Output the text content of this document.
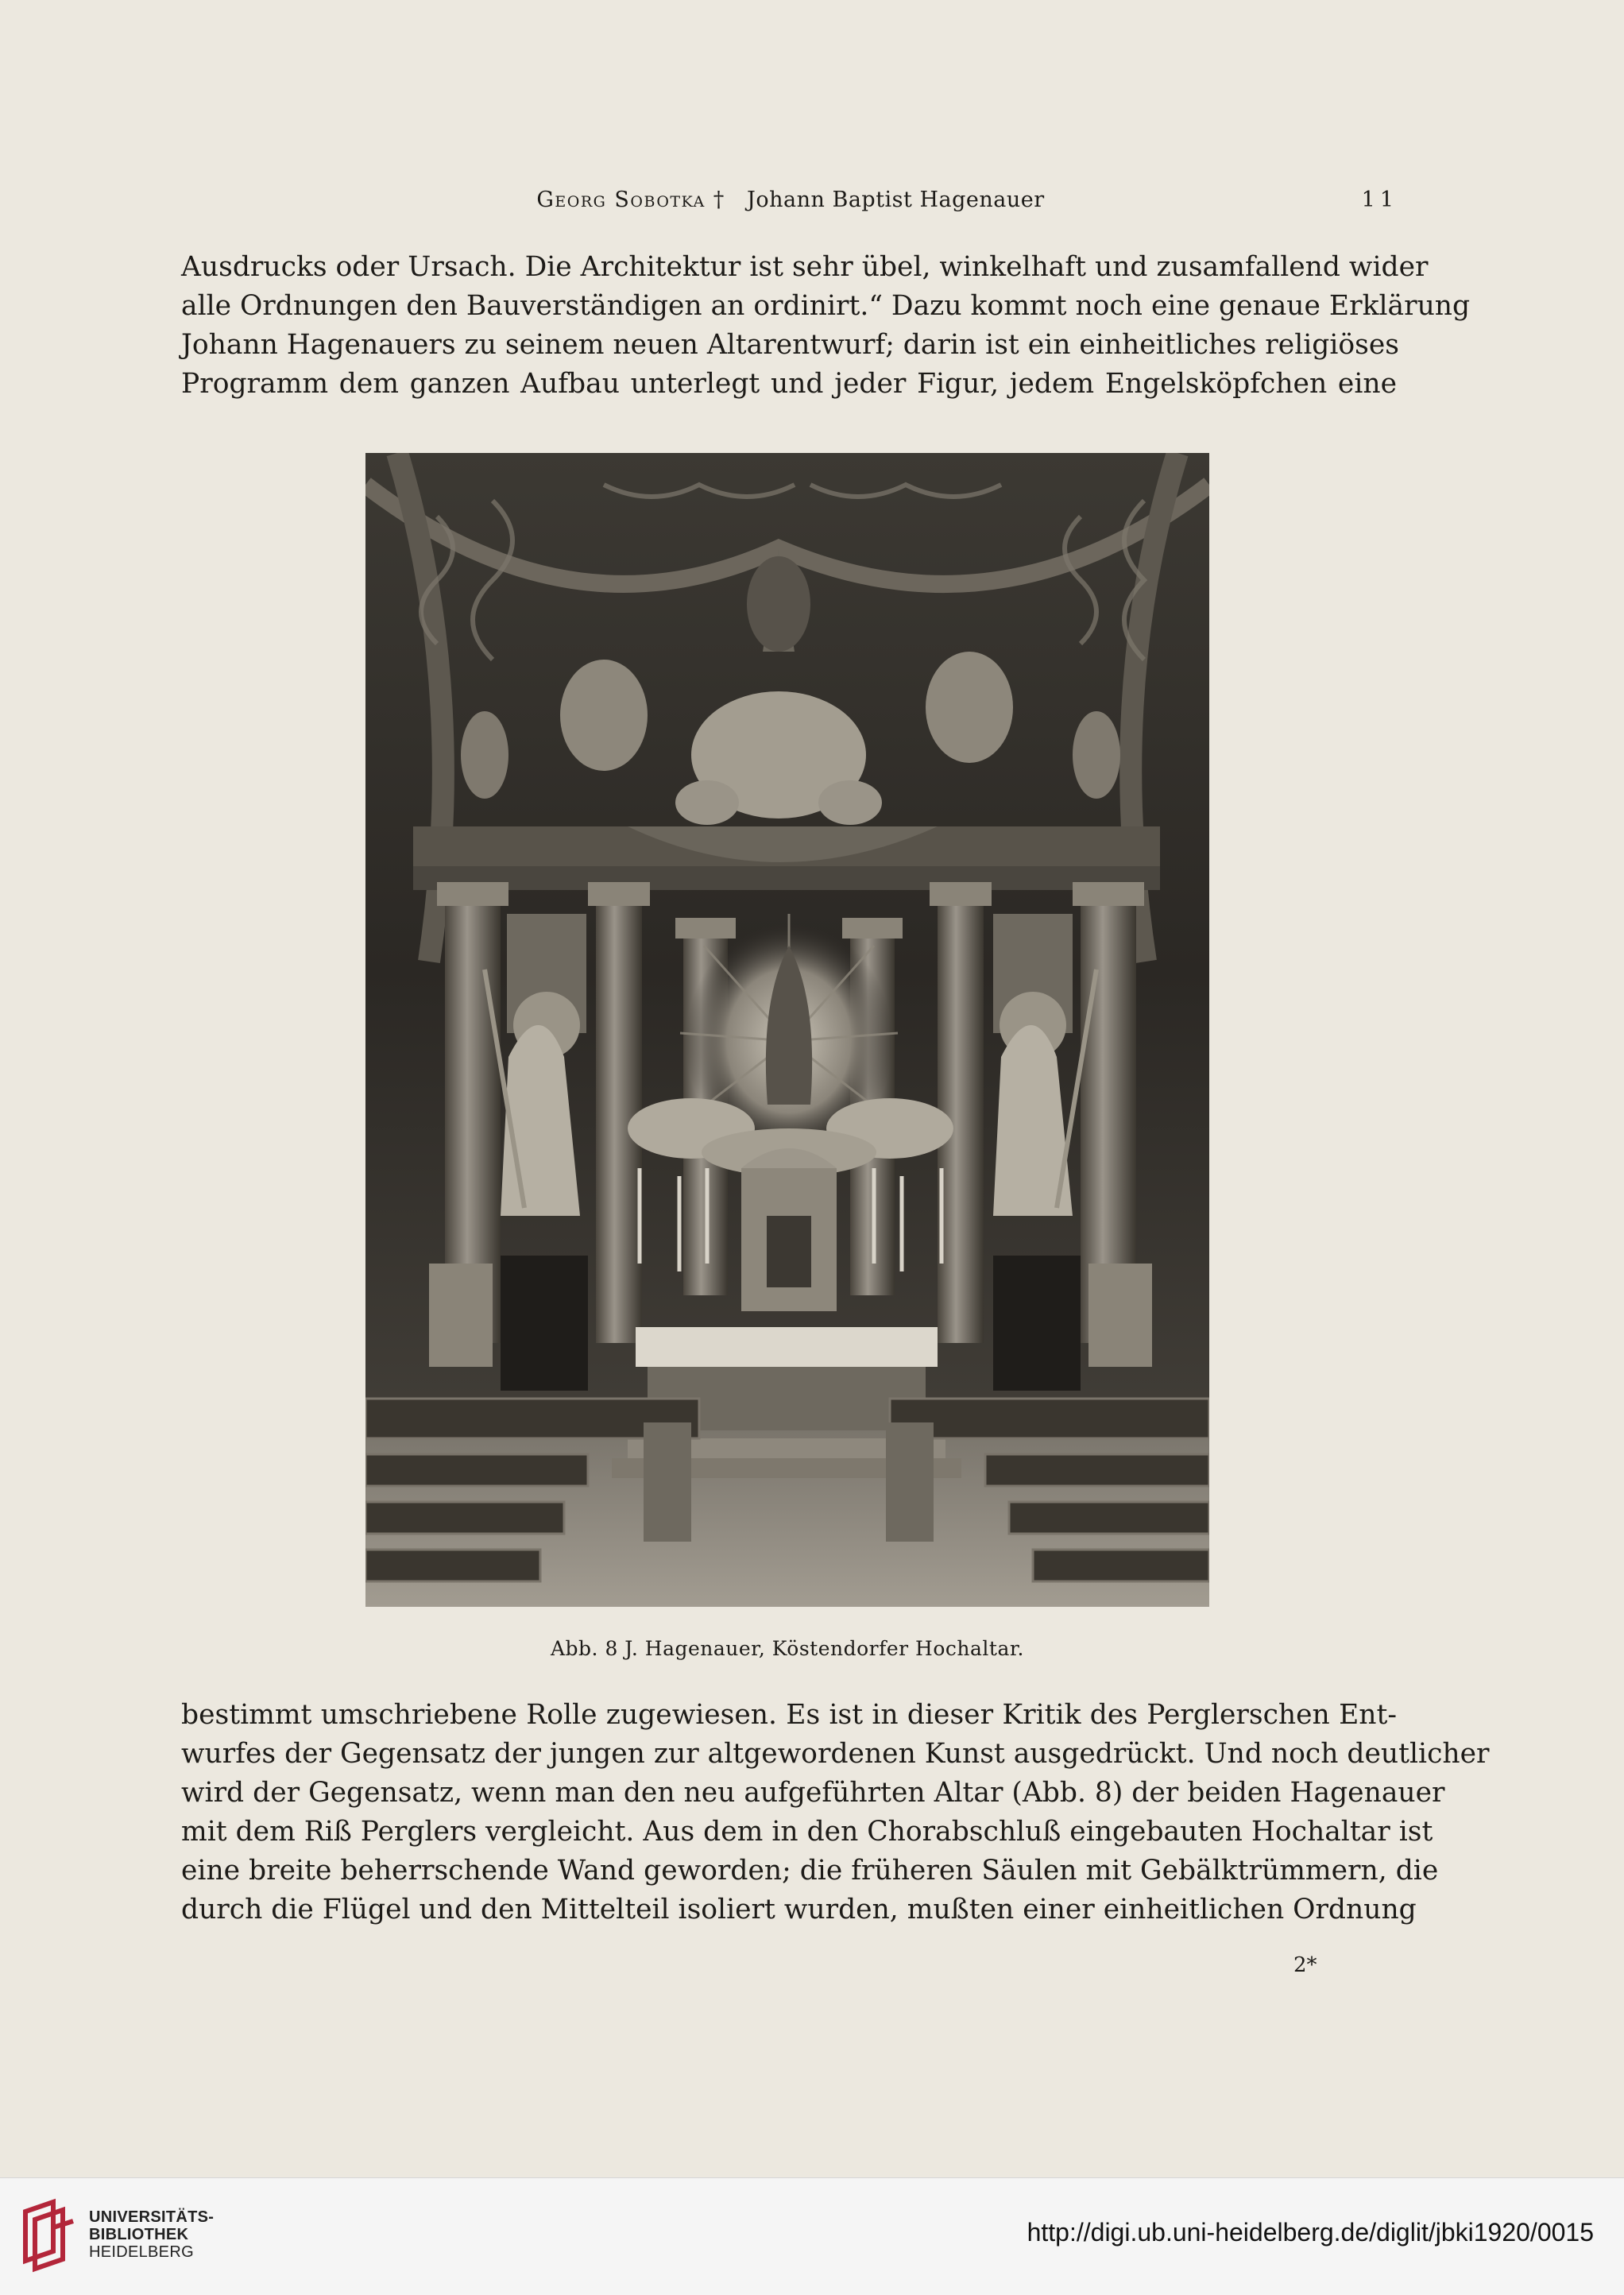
Georg Sobotka † Johann Baptist Hagenauer	11
Ausdrucks oder Ursach. Die Architektur ist sehr übel, winkelhaft und zusamfallend wider
alle Ordnungen den Bauverständigen an ordinirt.“ Dazu kommt noch eine genaue Erklärung
Johann Hagenauers zu seinem neuen Altarentwurf; darin ist ein einheitliches religiöses
Programm dem ganzen Aufbau unterlegt und jeder Figur, jedem Engelsköpfchen eine
Abb. 8 J. Hagenauer, Köstendorfer Hochaltar.
bestimmt umschriebene Rolle zugewiesen. Es ist in dieser Kritik des Perglerschen Ent-
wurfes der Gegensatz der jungen zur altgewordenen Kunst ausgedrückt. Und noch deutlicher
wird der Gegensatz, wenn man den neu aufgeführten Altar (Abb. 8) der beiden Hagenauer
mit dem Riß Perglers vergleicht. Aus dem in den Chorabschluß eingebauten Hochaltar ist
eine breite beherrschende Wand geworden; die früheren Säulen mit Gebälktrümmern, die
durch die Flügel und den Mittelteil isoliert wurden, mußten einer einheitlichen Ordnung
2*
UNIVERSITÄTS-
BIBLIOTHEK
HEIDELBERG
http://digi.ub.uni-heidelberg.de/diglit/jbki1920/0015
